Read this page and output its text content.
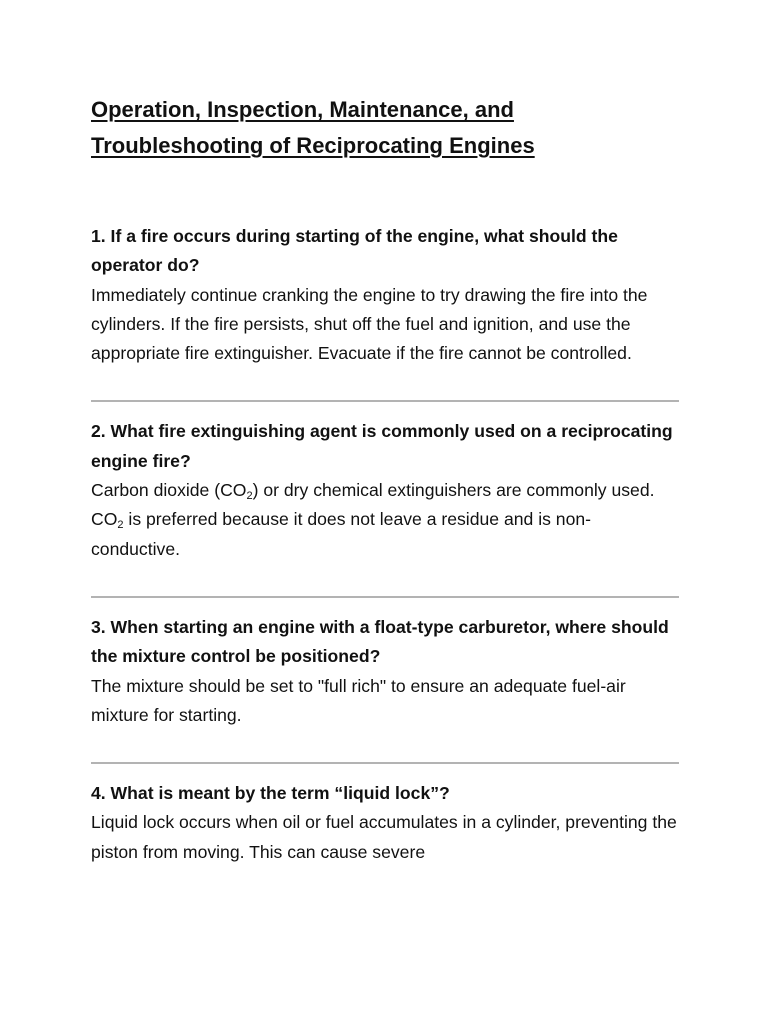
Operation, Inspection, Maintenance, and
Troubleshooting of Reciprocating Engines

1. If a fire occurs during starting of the engine, what should the operator do?

Immediately continue cranking the engine to try drawing the fire into the cylinders. If the fire persists, shut off the fuel and ignition, and use the appropriate fire extinguisher. Evacuate if the fire cannot be controlled.

2. What fire extinguishing agent is commonly used on a reciprocating engine fire?

Carbon dioxide $(CO_2)$ or dry chemical extinguishers are commonly used. $CO_2$ is preferred because it does not leave a residue and is non-conductive.

3. When starting an engine with a float-type carburetor, where should the mixture control be positioned?

The mixture should be set to "full rich" to ensure an adequate fuel-air mixture for starting.

4. What is meant by the term “liquid lock”?

Liquid lock occurs when oil or fuel accumulates in a cylinder, preventing the piston from moving. This can cause severe
